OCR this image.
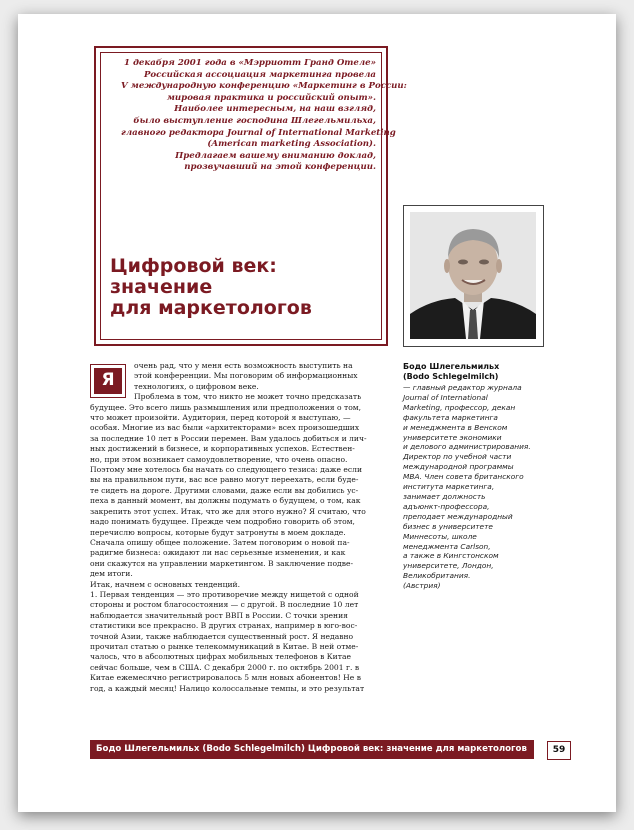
1 декабря 2001 года в «Мэрриотт Гранд Отеле»
Российская ассоциация маркетинга провела
V международную конференцию «Маркетинг в России:
мировая практика и российский опыт».
Наиболее интересным, на наш взгляд,
было выступление господина Шлегельмильха,
главного редактора Journal of International Marketing
(American marketing Association).
Предлагаем вашему вниманию доклад,
прозвучавший на этой конференции.
Цифровой век:
значение
для маркетологов
Бодо Шлегельмильх
(Bodo Schlegelmilch)
— главный редактор журнала
Journal of International
Marketing, профессор, декан
факультета маркетинга
и менеджмента в Венском
университете экономики
и делового администрирования.
Директор по учебной части
международной программы
MBA. Член совета британского
института маркетинга,
занимает должность
адъюнкт-профессора,
преподает международный
бизнес в университете
Миннесоты, школе
менеджмента Carlson,
а также в Кингстонском
университете, Лондон,
Великобритания.
(Австрия)
Я
очень рад, что у меня есть возможность выступить на
этой конференции. Мы поговорим об информационных
технологиях, о цифровом веке.
Проблема в том, что никто не может точно предсказать
будущее. Это всего лишь размышления или предположения о том,
что может произойти. Аудитория, перед которой я выступаю, —
особая. Многие из вас были «архитекторами» всех произошедших
за последние 10 лет в России перемен. Вам удалось добиться и лич-
ных достижений в бизнесе, и корпоративных успехов. Естествен-
но, при этом возникает самоудовлетворение, что очень опасно.
Поэтому мне хотелось бы начать со следующего тезиса: даже если
вы на правильном пути, вас все равно могут переехать, если буде-
те сидеть на дороге. Другими словами, даже если вы добились ус-
пеха в данный момент, вы должны подумать о будущем, о том, как
закрепить этот успех. Итак, что же для этого нужно? Я считаю, что
надо понимать будущее. Прежде чем подробно говорить об этом,
перечислю вопросы, которые будут затронуты в моем докладе.
Сначала опишу общее положение. Затем поговорим о новой па-
радигме бизнеса: ожидают ли нас серьезные изменения, и как
они скажутся на управлении маркетингом. В заключение подве-
дем итоги.
Итак, начнем с основных тенденций.
1. Первая тенденция — это противоречие между нищетой с одной
стороны и ростом благосостояния — с другой. В последние 10 лет
наблюдается значительный рост ВВП в России. С точки зрения
статистики все прекрасно. В других странах, например в юго-вос-
точной Азии, также наблюдается существенный рост. Я недавно
прочитал статью о рынке телекоммуникаций в Китае. В ней отме-
чалось, что в абсолютных цифрах мобильных телефонов в Китае
сейчас больше, чем в США. С декабря 2000 г. по октябрь 2001 г. в
Китае ежемесячно регистрировалось 5 млн новых абонентов! Не в
год, а каждый месяц! Налицо колоссальные темпы, и это результат
Бодо Шлегельмильх (Bodo Schlegelmilch) Цифровой век: значение для маркетологов	59
